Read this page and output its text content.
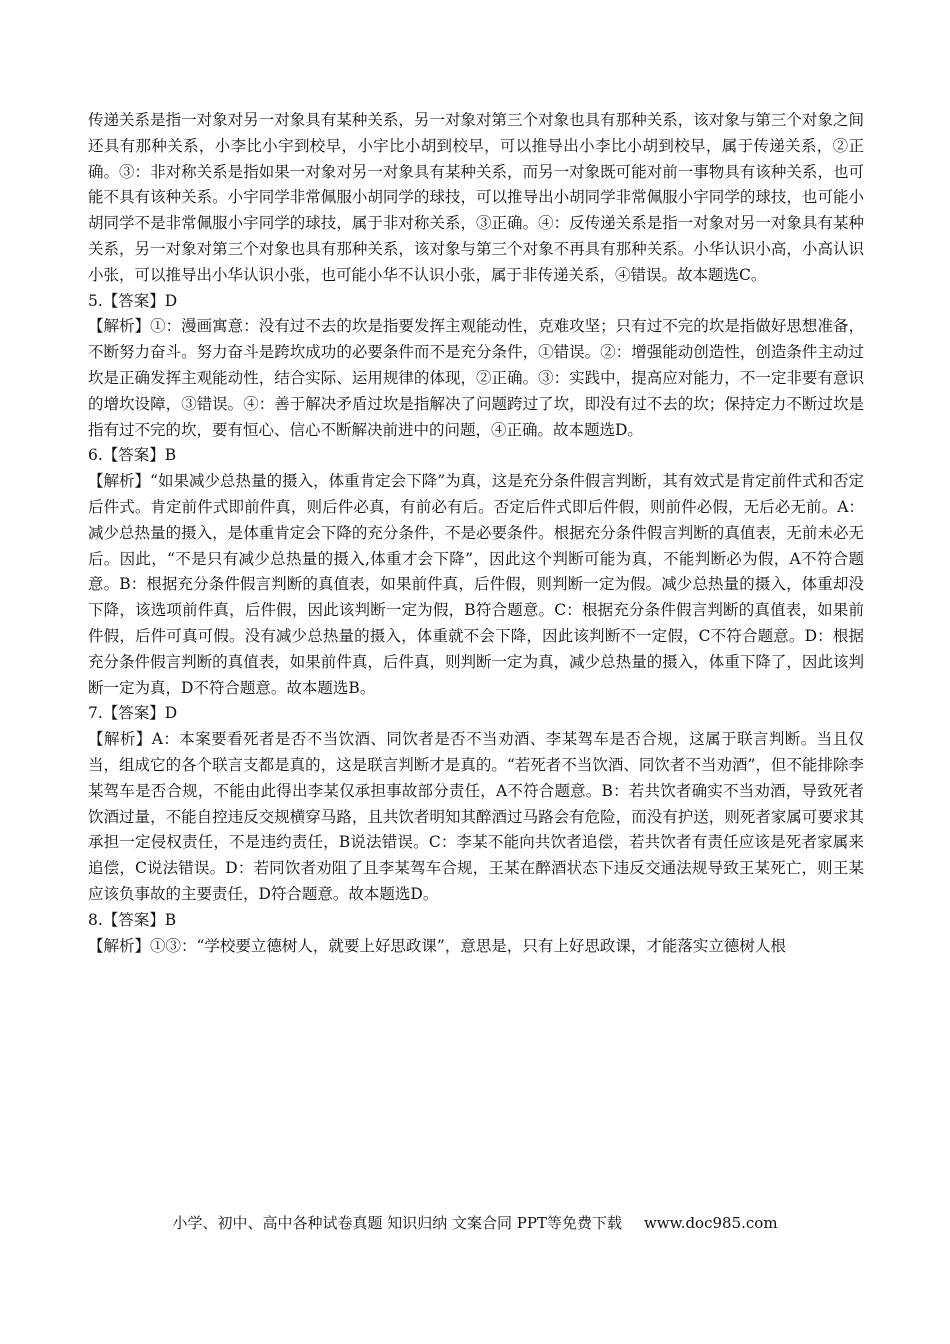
传递关系是指一对象对另一对象具有某种关系，另一对象对第三个对象也具有那种关系，该对象与第三个对象之间还具有那种关系，小李比小宇到校早，小宇比小胡到校早，可以推导出小李比小胡到校早，属于传递关系，②正确。③：非对称关系是指如果一对象对另一对象具有某种关系，而另一对象既可能对前一事物具有该种关系，也可能不具有该种关系。小宇同学非常佩服小胡同学的球技，可以推导出小胡同学非常佩服小宇同学的球技，也可能小胡同学不是非常佩服小宇同学的球技，属于非对称关系，③正确。④：反传递关系是指一对象对另一对象具有某种关系，另一对象对第三个对象也具有那种关系，该对象与第三个对象不再具有那种关系。小华认识小高，小高认识小张，可以推导出小华认识小张，也可能小华不认识小张，属于非传递关系，④错误。故本题选C。

5.【答案】D

【解析】①：漫画寓意：没有过不去的坎是指要发挥主观能动性，克难攻坚；只有过不完的坎是指做好思想准备，不断努力奋斗。努力奋斗是跨坎成功的必要条件而不是充分条件，①错误。②：增强能动创造性，创造条件主动过坎是正确发挥主观能动性，结合实际、运用规律的体现，②正确。③：实践中，提高应对能力，不一定非要有意识的增坎设障，③错误。④：善于解决矛盾过坎是指解决了问题跨过了坎，即没有过不去的坎；保持定力不断过坎是指有过不完的坎，要有恒心、信心不断解决前进中的问题，④正确。故本题选D。

6.【答案】B

【解析】“如果减少总热量的摄入，体重肯定会下降”为真，这是充分条件假言判断，其有效式是肯定前件式和否定后件式。肯定前件式即前件真，则后件必真，有前必有后。否定后件式即后件假，则前件必假，无后必无前。A：减少总热量的摄入，是体重肯定会下降的充分条件，不是必要条件。根据充分条件假言判断的真值表，无前未必无后。因此，“不是只有减少总热量的摄入,体重才会下降”，因此这个判断可能为真，不能判断必为假，A不符合题意。B：根据充分条件假言判断的真值表，如果前件真，后件假，则判断一定为假。减少总热量的摄入，体重却没下降，该选项前件真，后件假，因此该判断一定为假，B符合题意。C：根据充分条件假言判断的真值表，如果前件假，后件可真可假。没有减少总热量的摄入，体重就不会下降，因此该判断不一定假，C不符合题意。D：根据充分条件假言判断的真值表，如果前件真，后件真，则判断一定为真，减少总热量的摄入，体重下降了，因此该判断一定为真，D不符合题意。故本题选B。

7.【答案】D

【解析】A：本案要看死者是否不当饮酒、同饮者是否不当劝酒、李某驾车是否合规，这属于联言判断。当且仅当，组成它的各个联言支都是真的，这是联言判断才是真的。“若死者不当饮酒、同饮者不当劝酒”，但不能排除李某驾车是否合规，不能由此得出李某仅承担事故部分责任，A不符合题意。B：若共饮者确实不当劝酒，导致死者饮酒过量，不能自控违反交规横穿马路，且共饮者明知其醉酒过马路会有危险，而没有护送，则死者家属可要求其承担一定侵权责任，不是违约责任，B说法错误。C：李某不能向共饮者追偿，若共饮者有责任应该是死者家属来追偿，C说法错误。D：若同饮者劝阻了且李某驾车合规，王某在醉酒状态下违反交通法规导致王某死亡，则王某应该负事故的主要责任，D符合题意。故本题选D。

8.【答案】B

【解析】①③：“学校要立德树人，就要上好思政课”，意思是，只有上好思政课，才能落实立德树人根

小学、初中、高中各种试卷真题 知识归纳 文案合同 PPT等免费下载 www.doc985.com
